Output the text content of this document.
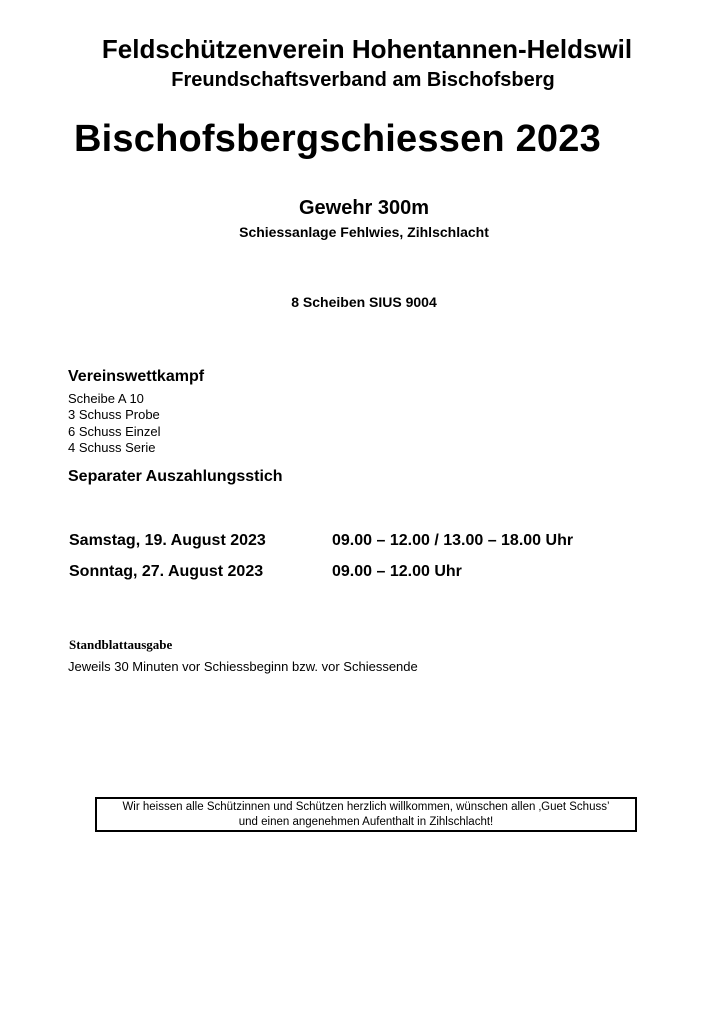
Feldschützenverein Hohentannen-Heldswil
Freundschaftsverband am Bischofsberg
Bischofsbergschiessen 2023
Gewehr 300m
Schiessanlage Fehlwies, Zihlschlacht
8 Scheiben SIUS 9004
Vereinswettkampf
Scheibe A 10
3 Schuss Probe
6 Schuss Einzel
4 Schuss Serie
Separater Auszahlungsstich
Samstag, 19. August 2023	09.00 – 12.00 / 13.00 – 18.00 Uhr
Sonntag, 27. August 2023	09.00 – 12.00 Uhr
Standblattausgabe
Jeweils 30 Minuten vor Schiessbeginn bzw. vor Schiessende
Wir heissen alle Schützinnen und Schützen herzlich willkommen, wünschen allen ‚Guet Schuss’
und einen angenehmen Aufenthalt in Zihlschlacht!
